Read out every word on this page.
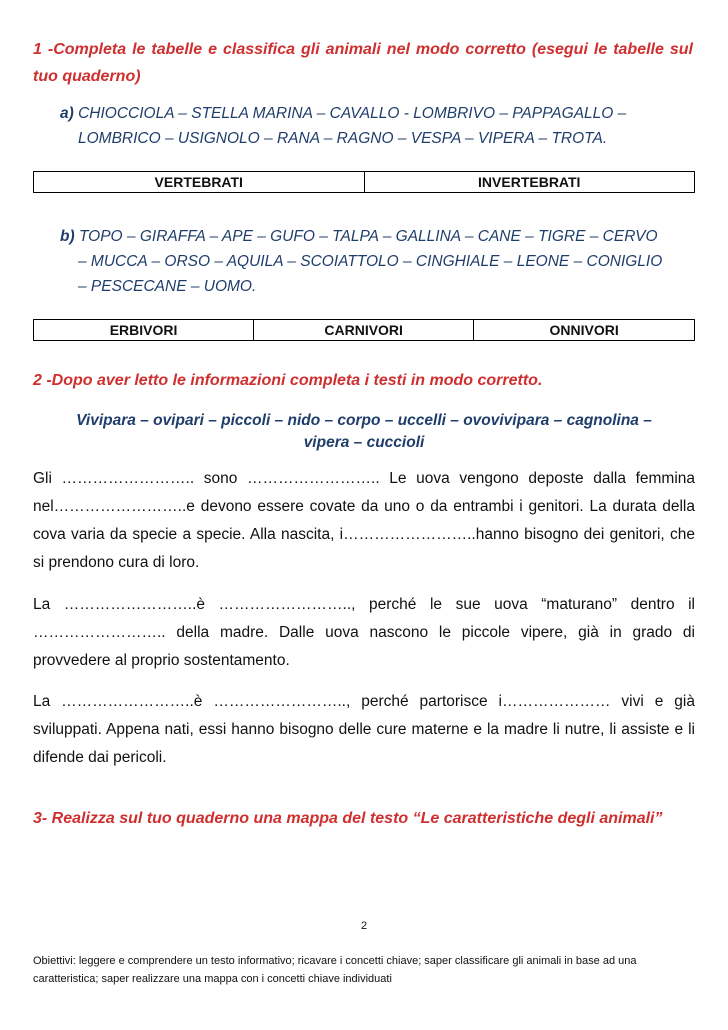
1 -Completa le tabelle e classifica gli animali nel modo corretto (esegui le tabelle sul tuo quaderno)
a) CHIOCCIOLA – STELLA MARINA – CAVALLO - LOMBRIVO – PAPPAGALLO –
LOMBRICO – USIGNOLO – RANA – RAGNO – VESPA – VIPERA – TROTA.
VERTEBRATI	INVERTEBRATI
b) TOPO – GIRAFFA – APE – GUFO – TALPA – GALLINA – CANE – TIGRE – CERVO
– MUCCA – ORSO – AQUILA – SCOIATTOLO – CINGHIALE – LEONE – CONIGLIO
– PESCECANE – UOMO.
ERBIVORI	CARNIVORI	ONNIVORI
2 -Dopo aver letto le informazioni completa i testi in modo corretto.
Vivipara – ovipari – piccoli – nido – corpo – uccelli – ovovivipara – cagnolina –
vipera – cuccioli
Gli …………………….. sono …………………….. Le uova vengono deposte dalla femmina nel……………………..e devono essere covate da uno o da entrambi i genitori. La durata della cova varia da specie a specie. Alla nascita, i……………………..hanno bisogno dei genitori, che si prendono cura di loro.
La ……………………..è …………………….., perché le sue uova “maturano” dentro il …………………….. della madre. Dalle uova nascono le piccole vipere, già in grado di provvedere al proprio sostentamento.
La ……………………..è …………………….., perché partorisce i………………… vivi e già sviluppati. Appena nati, essi hanno bisogno delle cure materne e la madre li nutre, li assiste e li difende dai pericoli.
3- Realizza sul tuo quaderno una mappa del testo “Le caratteristiche degli animali”
2
Obiettivi: leggere e comprendere un testo informativo; ricavare i concetti chiave; saper classificare gli animali in base ad una caratteristica; saper realizzare una mappa con i concetti chiave individuati
